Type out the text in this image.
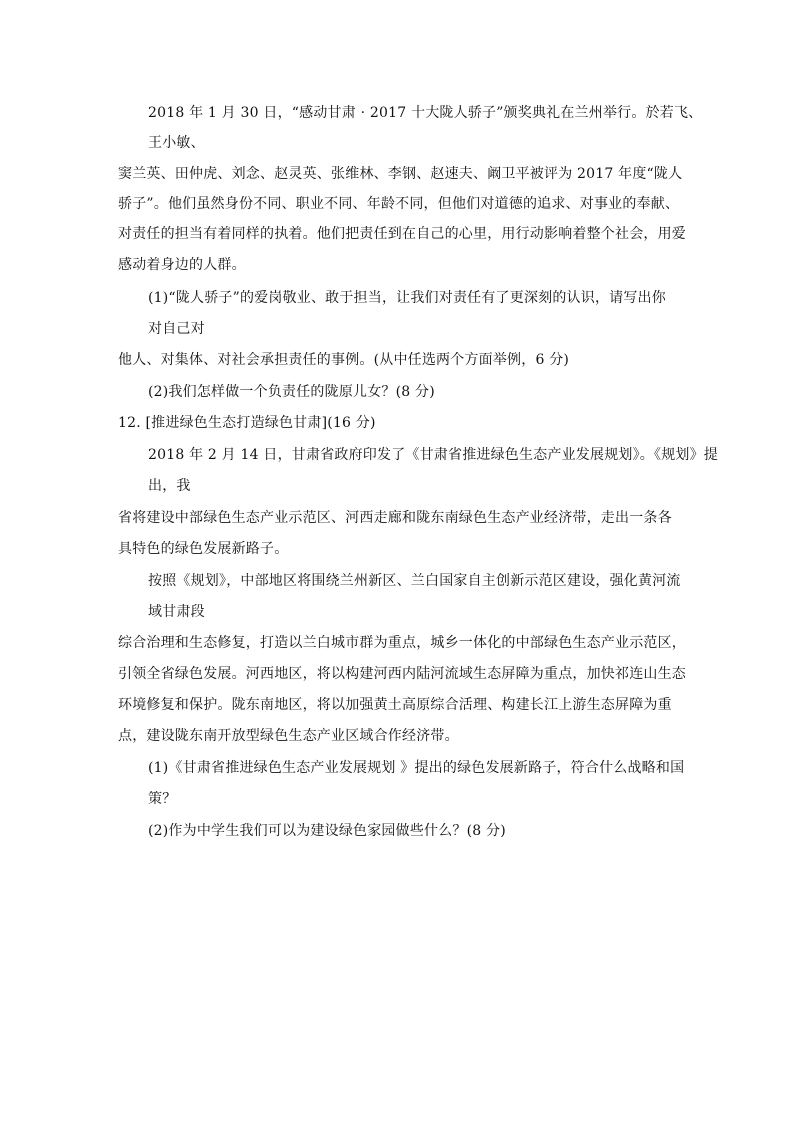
2018 年 1 月 30 日，“感动甘肃 · 2017 十大陇人骄子”颁奖典礼在兰州举行。於若飞、
王小敏、
窦兰英、田仲虎、刘念、赵灵英、张维林、李钢、赵速夫、阚卫平被评为 2017 年度“陇人
骄子”。他们虽然身份不同、职业不同、年龄不同，但他们对道德的追求、对事业的奉献、
对责任的担当有着同样的执着。他们把责任到在自己的心里，用行动影响着整个社会，用爱
感动着身边的人群。
(1)“陇人骄子”的爱岗敬业、敢于担当，让我们对责任有了更深刻的认识，请写出你
对自己对
他人、对集体、对社会承担责任的事例。(从中任选两个方面举例，6 分)
(2)我们怎样做一个负责任的陇原儿女？(8 分)
12. [推进绿色生态打造绿色甘肃](16 分)
2018 年 2 月 14 日，甘肃省政府印发了《甘肃省推进绿色生态产业发展规划》。《规划》提
出，我
省将建设中部绿色生态产业示范区、河西走廊和陇东南绿色生态产业经济带，走出一条各
具特色的绿色发展新路子。
按照《规划》，中部地区将围绕兰州新区、兰白国家自主创新示范区建设，强化黄河流
域甘肃段
综合治理和生态修复，打造以兰白城市群为重点，城乡一体化的中部绿色生态产业示范区，
引领全省绿色发展。河西地区，将以构建河西内陆河流域生态屏障为重点，加快祁连山生态
环境修复和保护。陇东南地区，将以加强黄土高原综合活理、构建长江上游生态屏障为重
点，建设陇东南开放型绿色生态产业区域合作经济带。
(1)《甘肃省推进绿色生态产业发展规划 》提出的绿色发展新路子，符合什么战略和国
策？
(2)作为中学生我们可以为建设绿色家园做些什么？(8 分)
